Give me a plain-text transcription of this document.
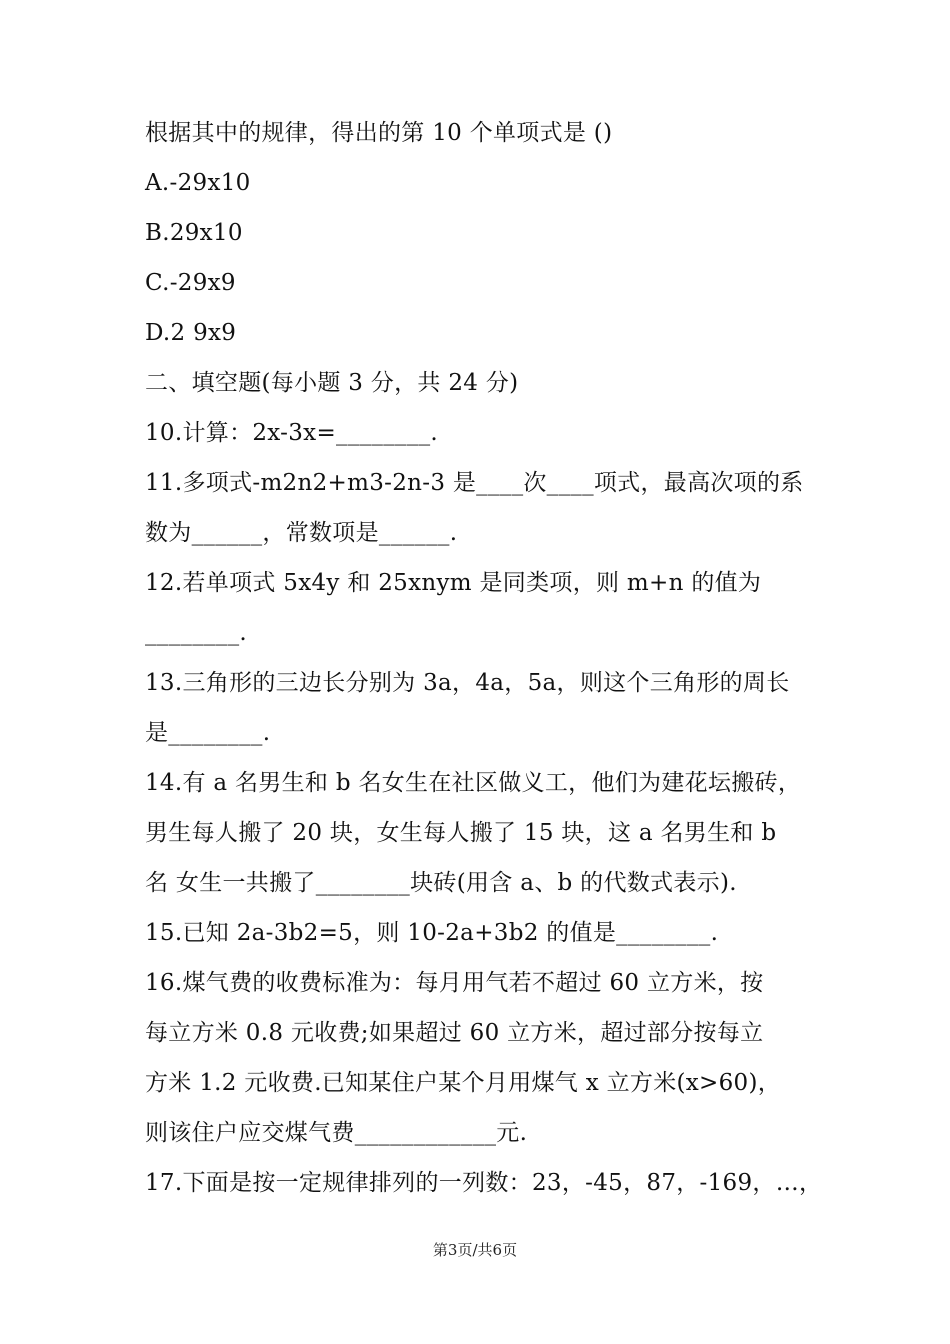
根据其中的规律，得出的第 10 个单项式是 ()
A.-29x10
B.29x10
C.-29x9
D.2 9x9
二、填空题(每小题 3 分，共 24 分)
10.计算：2x-3x=________.
11.多项式-m2n2+m3-2n-3 是____次____项式，最高次项的系
数为______，常数项是______.
12.若单项式 5x4y 和 25xnym 是同类项，则 m+n 的值为
________.
13.三角形的三边长分别为 3a，4a，5a，则这个三角形的周长
是________.
14.有 a 名男生和 b 名女生在社区做义工，他们为建花坛搬砖，
男生每人搬了 20 块，女生每人搬了 15 块，这 a 名男生和 b
名 女生一共搬了________块砖(用含 a、b 的代数式表示).
15.已知 2a-3b2=5，则 10-2a+3b2 的值是________.
16.煤气费的收费标准为：每月用气若不超过 60 立方米，按
每立方米 0.8 元收费;如果超过 60 立方米，超过部分按每立
方米 1.2 元收费.已知某住户某个月用煤气 x 立方米(x>60)，
则该住户应交煤气费____________元.
17.下面是按一定规律排列的一列数：23，-45，87，-169，…，
第3页/共6页
